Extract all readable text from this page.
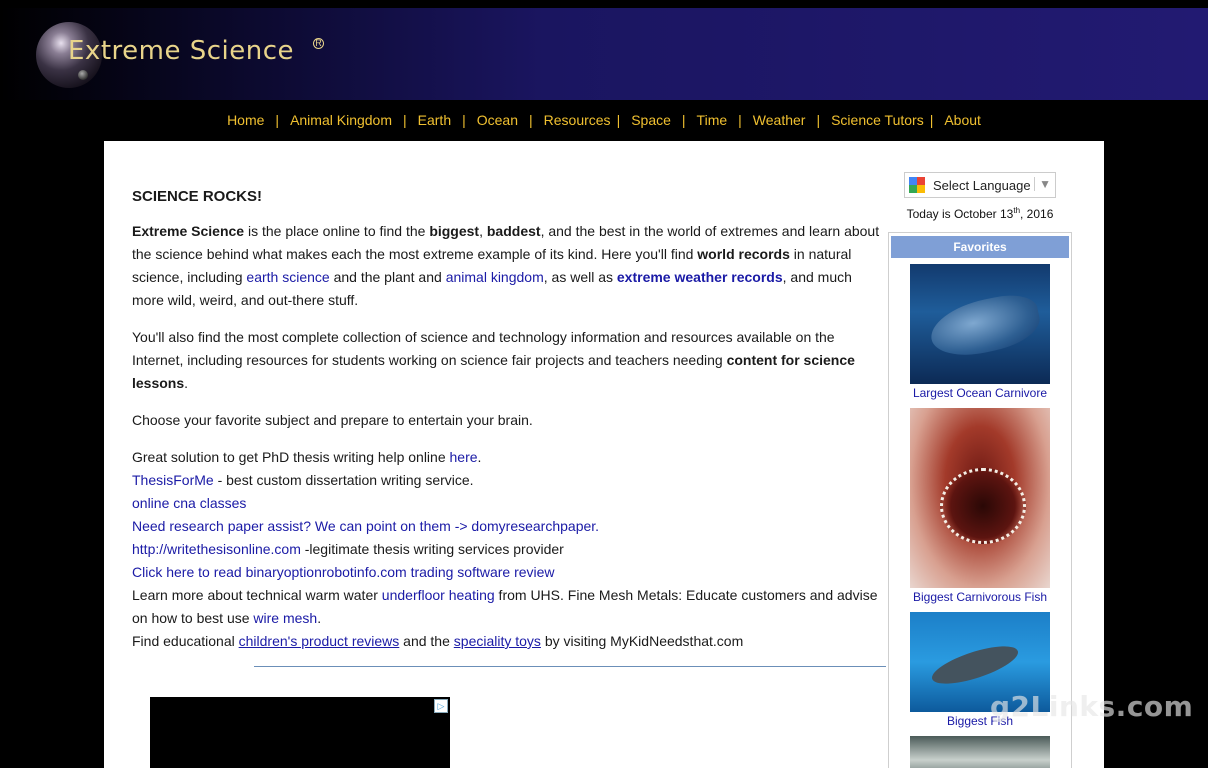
Extreme Science R
Home | Animal Kingdom | Earth | Ocean | Resources | Space | Time | Weather | Science Tutors | About
SCIENCE ROCKS!

Extreme Science is the place online to find the biggest, baddest, and the best in the world of extremes and learn about the science behind what makes each the most extreme example of its kind. Here you'll find world records in natural science, including earth science and the plant and animal kingdom, as well as extreme weather records, and much more wild, weird, and out-there stuff.

You'll also find the most complete collection of science and technology information and resources available on the Internet, including resources for students working on science fair projects and teachers needing content for science lessons.

Choose your favorite subject and prepare to entertain your brain.

Great solution to get PhD thesis writing help online here.
ThesisForMe - best custom dissertation writing service.
online cna classes
Need research paper assist? We can point on them -> domyresearchpaper.
http://writethesisonline.com -legitimate thesis writing services provider
Click here to read binaryoptionrobotinfo.com trading software review
Learn more about technical warm water underfloor heating from UHS. Fine Mesh Metals: Educate customers and advise on how to best use wire mesh.
Find educational children's product reviews and the speciality toys by visiting MyKidNeedsthat.com
▷
Select Language ▼
Today is October 13th, 2016
Favorites
Largest Ocean Carnivore
Biggest Carnivorous Fish
Biggest Fish
g2Links.com
